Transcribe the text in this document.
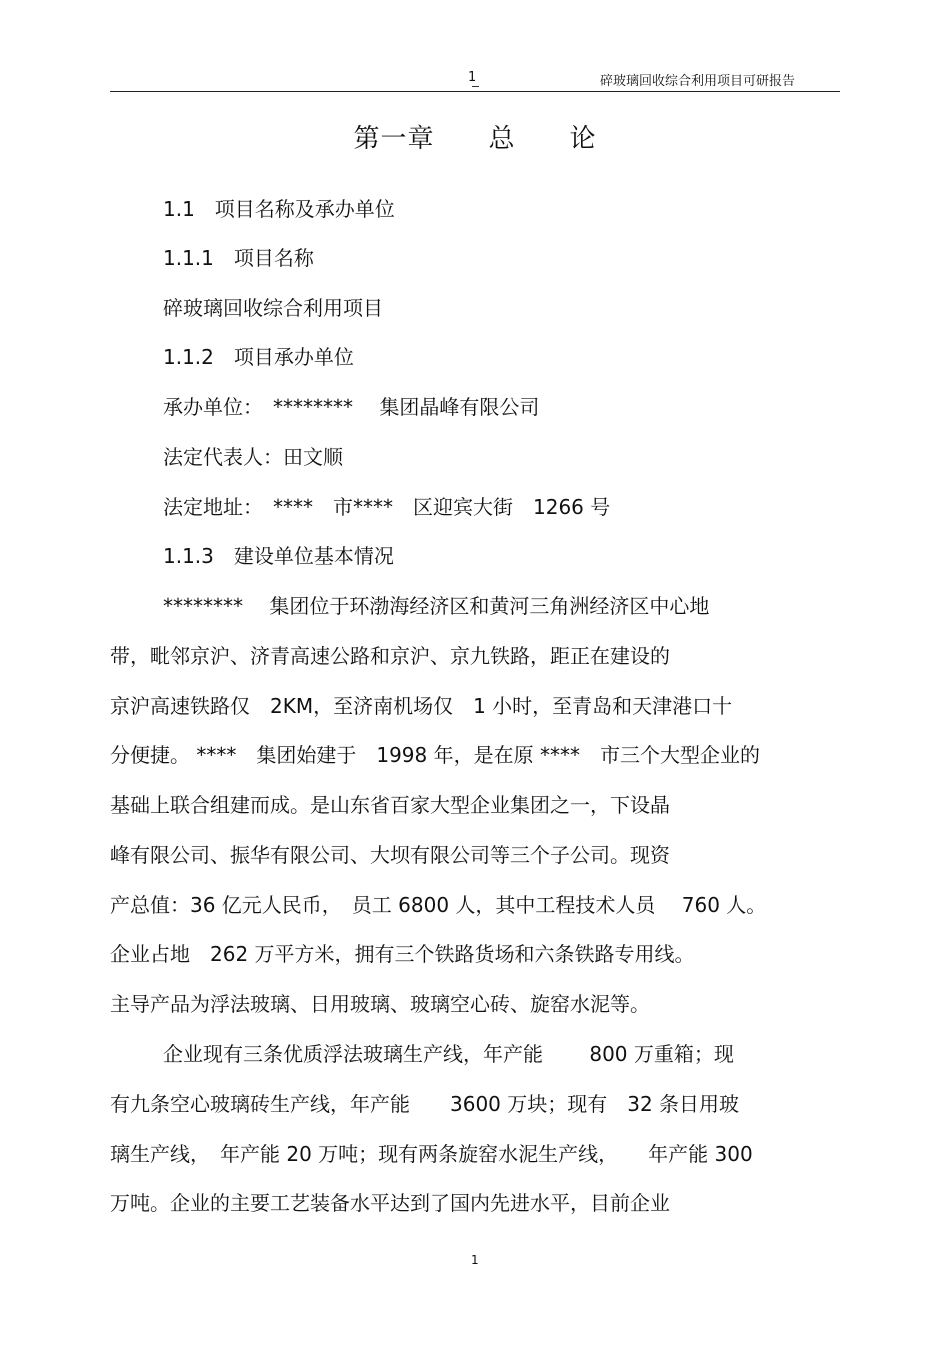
1	碎玻璃回收综合利用项目可研报告
第一章　　总　　论
1.1　项目名称及承办单位
1.1.1　项目名称
碎玻璃回收综合利用项目
1.1.2　项目承办单位
承办单位：　********　 集团晶峰有限公司
法定代表人：田文顺
法定地址：　****　市****　区迎宾大街　1266 号
1.1.3　建设单位基本情况
********　 集团位于环渤海经济区和黄河三角洲经济区中心地
带，毗邻京沪、济青高速公路和京沪、京九铁路，距正在建设的
京沪高速铁路仅　2KM，至济南机场仅　1 小时，至青岛和天津港口十
分便捷。 ****　集团始建于　1998 年，是在原 ****　市三个大型企业的
基础上联合组建而成。是山东省百家大型企业集团之一，下设晶
峰有限公司、振华有限公司、大坝有限公司等三个子公司。现资
产总值：36 亿元人民币，　员工 6800 人，其中工程技术人员　 760 人。
企业占地　262 万平方米，拥有三个铁路货场和六条铁路专用线。
主导产品为浮法玻璃、日用玻璃、玻璃空心砖、旋窑水泥等。
企业现有三条优质浮法玻璃生产线，年产能　　 800 万重箱；现
有九条空心玻璃砖生产线，年产能　　3600 万块；现有　32 条日用玻
璃生产线，　年产能 20 万吨；现有两条旋窑水泥生产线，　　年产能 300
万吨。企业的主要工艺装备水平达到了国内先进水平，目前企业
1
